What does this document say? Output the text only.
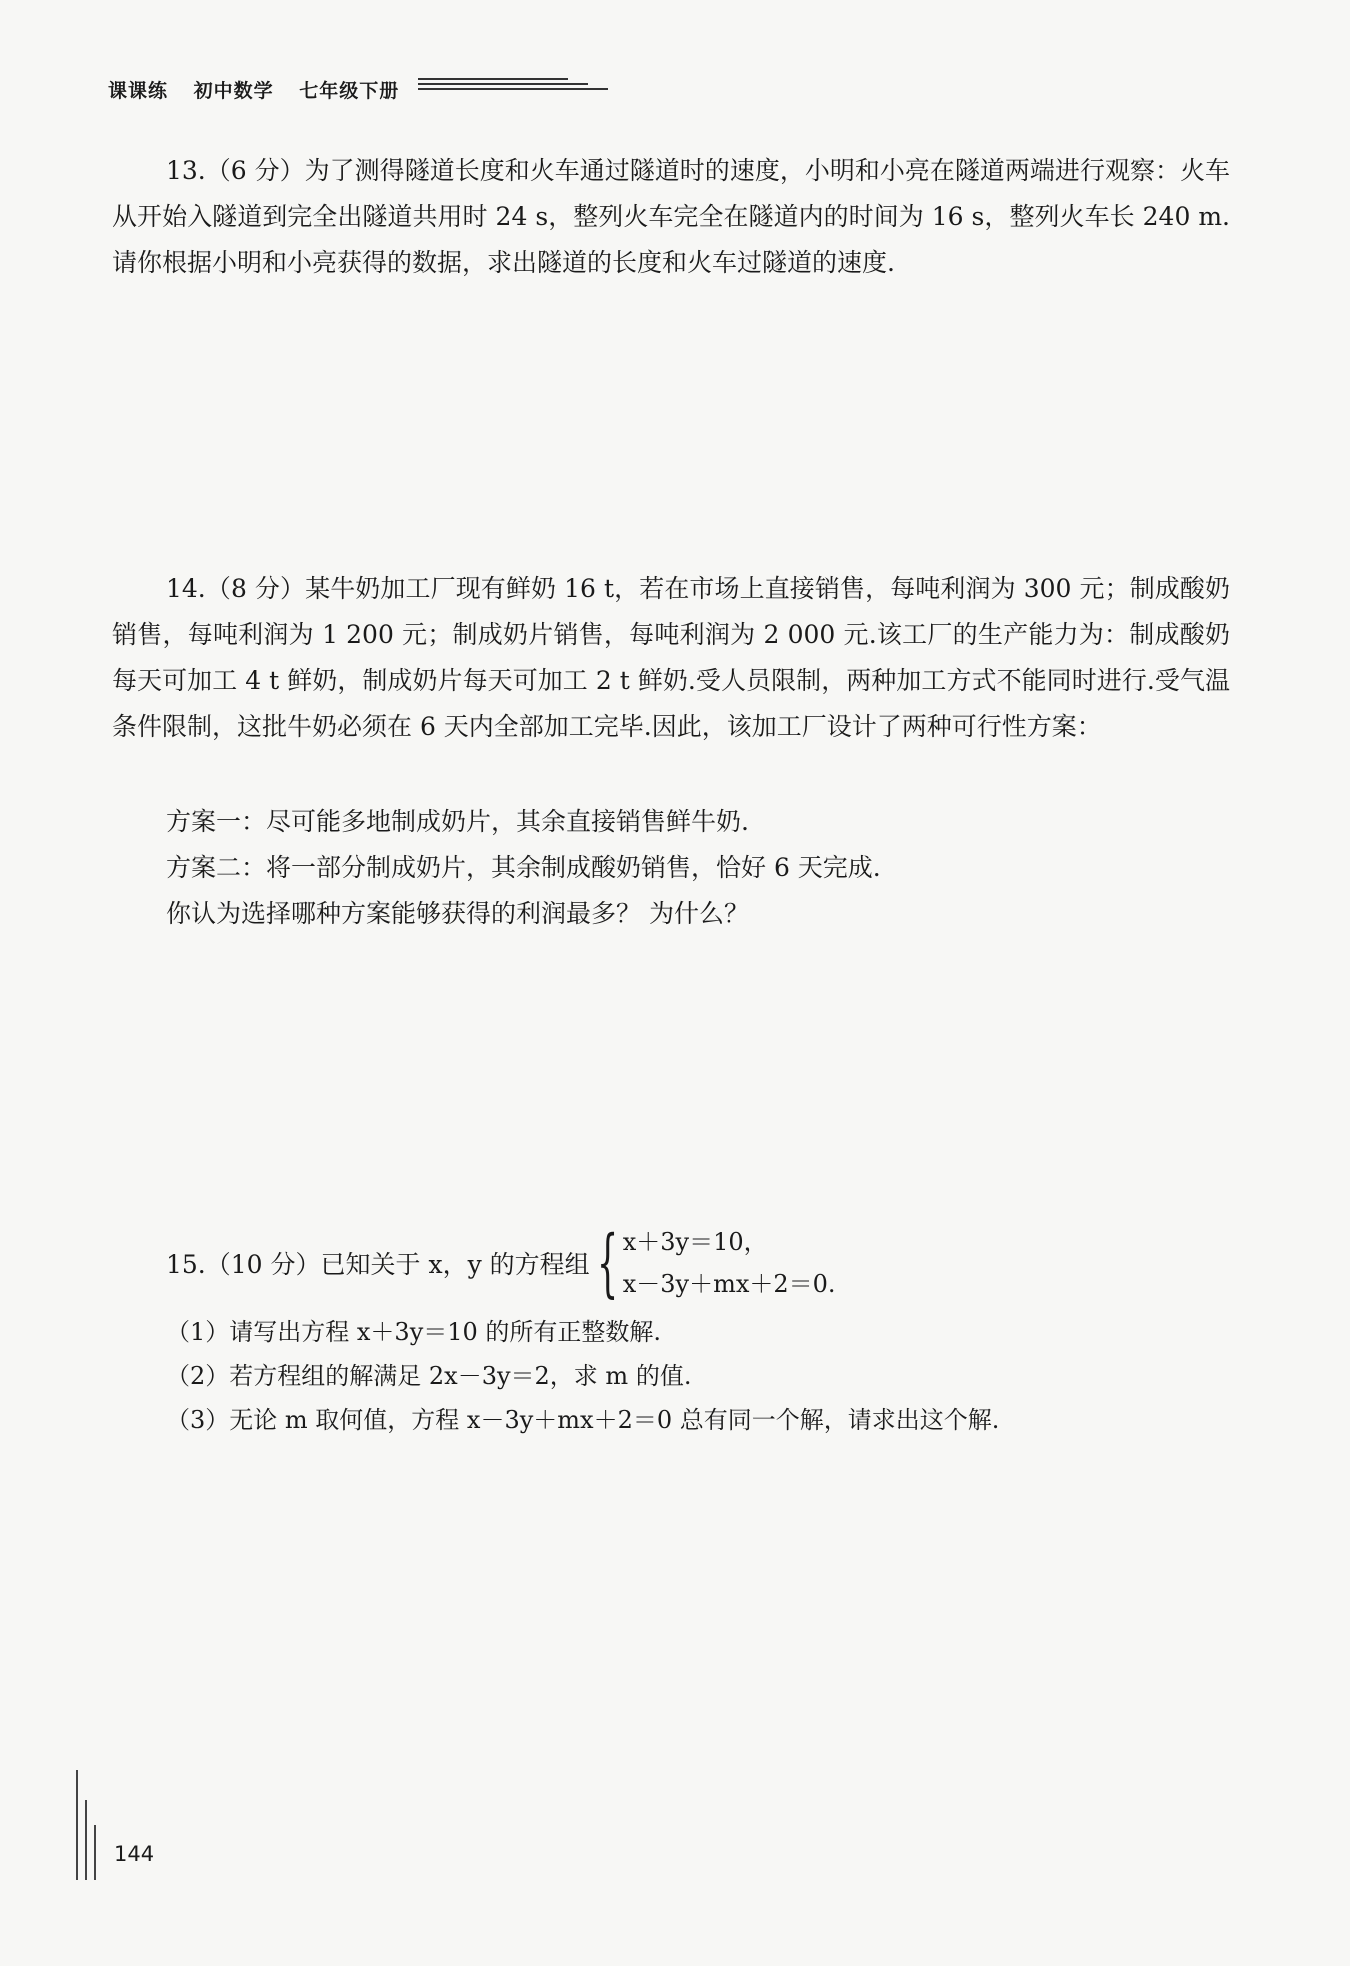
课课练 初中数学 七年级下册

13.（6 分）为了测得隧道长度和火车通过隧道时的速度，小明和小亮在隧道两端进行观察：火车从开始入隧道到完全出隧道共用时 24 s，整列火车完全在隧道内的时间为 16 s，整列火车长 240 m.请你根据小明和小亮获得的数据，求出隧道的长度和火车过隧道的速度.

14.（8 分）某牛奶加工厂现有鲜奶 16 t，若在市场上直接销售，每吨利润为 300 元；制成酸奶销售，每吨利润为 1 200 元；制成奶片销售，每吨利润为 2 000 元.该工厂的生产能力为：制成酸奶每天可加工 4 t 鲜奶，制成奶片每天可加工 2 t 鲜奶.受人员限制，两种加工方式不能同时进行.受气温条件限制，这批牛奶必须在 6 天内全部加工完毕.因此，该加工厂设计了两种可行性方案：

方案一：尽可能多地制成奶片，其余直接销售鲜牛奶.

方案二：将一部分制成奶片，其余制成酸奶销售，恰好 6 天完成.

你认为选择哪种方案能够获得的利润最多？ 为什么？

15.（10 分）已知关于 x，y 的方程组 { x＋3y＝10，
x－3y＋mx＋2＝0.

（1）请写出方程 x＋3y＝10 的所有正整数解.

（2）若方程组的解满足 2x－3y＝2，求 m 的值.

（3）无论 m 取何值，方程 x－3y＋mx＋2＝0 总有同一个解，请求出这个解.

144
